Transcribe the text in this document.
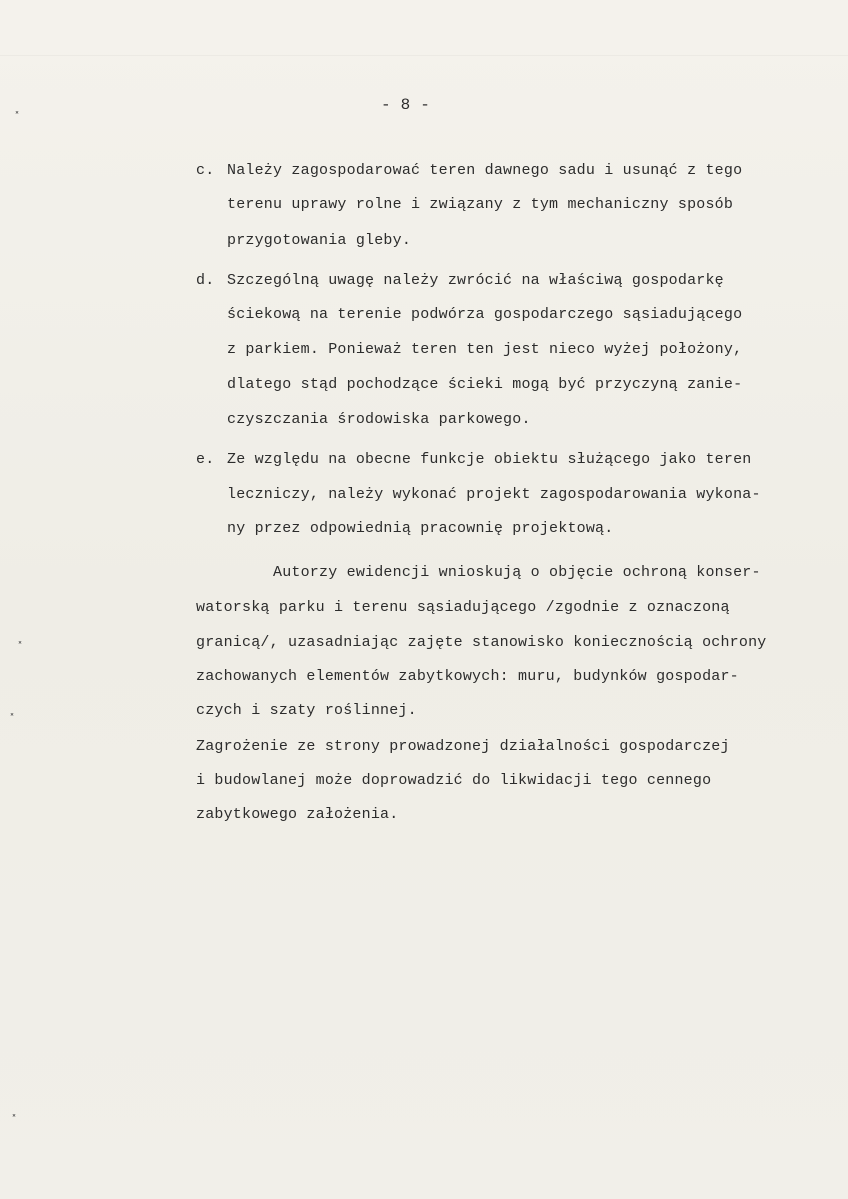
˟
˟
˟
˟
- 8 -
c. Należy zagospodarować teren dawnego sadu i usunąć z tego
terenu uprawy rolne i związany z tym mechaniczny sposób
przygotowania gleby.
d. Szczególną uwagę należy zwrócić na właściwą gospodarkę
ściekową na terenie podwórza gospodarczego sąsiadującego
z parkiem. Ponieważ teren ten jest nieco wyżej położony,
dlatego stąd pochodzące ścieki mogą być przyczyną zanie-
czyszczania środowiska parkowego.
e. Ze względu na obecne funkcje obiektu służącego jako teren
leczniczy, należy wykonać projekt zagospodarowania wykona-
ny przez odpowiednią pracownię projektową.
Autorzy ewidencji wnioskują o objęcie ochroną konser-
watorską parku i terenu sąsiadującego /zgodnie z oznaczoną
granicą/, uzasadniając zajęte stanowisko koniecznością ochrony
zachowanych elementów zabytkowych: muru, budynków gospodar-
czych i szaty roślinnej.
Zagrożenie ze strony prowadzonej działalności gospodarczej
i budowlanej może doprowadzić do likwidacji tego cennego
zabytkowego założenia.
